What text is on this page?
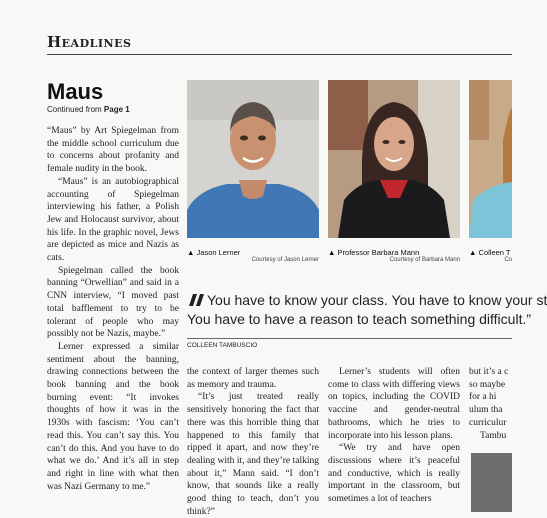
Headlines
Maus
Continued from Page 1

“Maus” by Art Spiegelman from the middle school curriculum due to concerns about profanity and female nudity in the book.

“Maus” is an autobiographical accounting of Spiegelman interviewing his father, a Polish Jew and Holocaust survivor, about his life. In the graphic novel, Jews are depicted as mice and Nazis as cats.

Spiegelman called the book banning “Orwellian” and said in a CNN interview, “I moved past total bafflement to try to be tolerant of people who may possibly not be Nazis, maybe.”

Lerner expressed a similar sentiment about the banning, drawing connections between the book banning and the book burning event: “It invokes thoughts of how it was in the 1930s with fascism: ‘You can’t read this. You can’t say this. You can’t do this. And you have to do what we do.’ And it’s all in step and right in line with what then was Nazi Germany to me.”

▲ Jason Lerner
Courtesy of Jason Lerner
▲ Professor Barbara Mann
Courtesy of Barbara Mann
▲ Colleen T
Co
You have to know your class. You have to know your st
You have to have a reason to teach something difficult.”
COLLEEN TAMBUSCIO

the context of larger themes such as memory and trauma.

“It’s just treated really sensitively honoring the fact that there was this horrible thing that happened to this family that ripped it apart, and now they’re dealing with it, and they’re talking about it,” Mann said. “I don’t know, that sounds like a really good thing to teach, don’t you think?”

Lerner’s students will often come to class with differing views on topics, including the COVID vaccine and gender-neutral bathrooms, which he tries to incorporate into his lesson plans.

“We try and have open discussions where it’s peaceful and conductive, which is really important in the classroom, but sometimes a lot of teachers

but it’s a c

so maybe

for a hi

ulum tha

curriculur

Tambu
